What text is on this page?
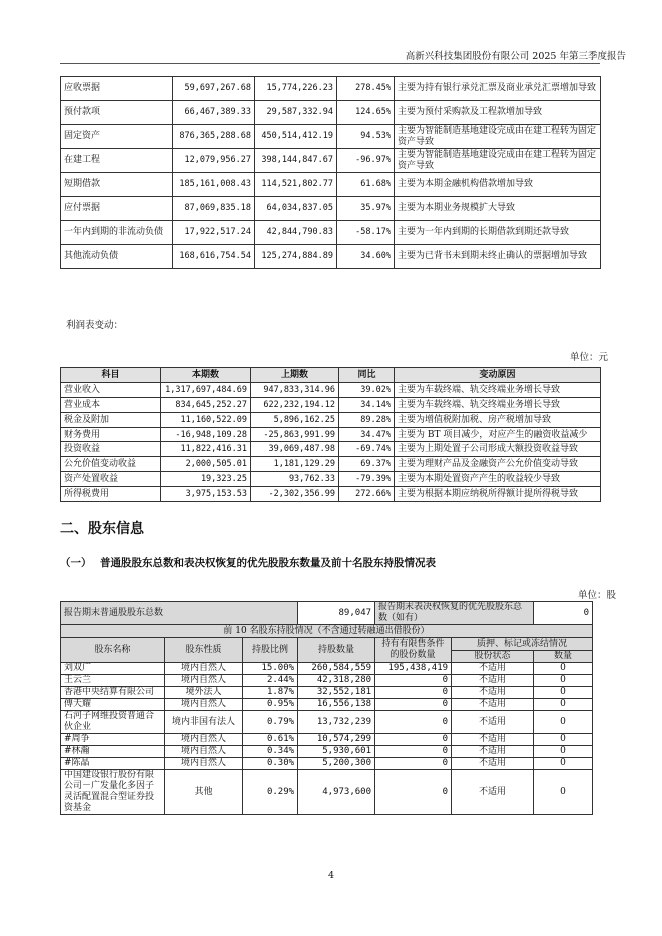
高新兴科技集团股份有限公司 2025 年第三季度报告
应收票据	59,697,267.68	15,774,226.23	278.45%	主要为持有银行承兑汇票及商业承兑汇票增加导致
预付款项	66,467,389.33	29,587,332.94	124.65%	主要为预付采购款及工程款增加导致
固定资产	876,365,288.68	450,514,412.19	94.53%	主要为智能制造基地建设完成由在建工程转为固定资产导致
在建工程	12,079,956.27	398,144,847.67	-96.97%	主要为智能制造基地建设完成由在建工程转为固定资产导致
短期借款	185,161,008.43	114,521,802.77	61.68%	主要为本期金融机构借款增加导致
应付票据	87,069,835.18	64,034,837.05	35.97%	主要为本期业务规模扩大导致
一年内到期的非流动负债	17,922,517.24	42,844,790.83	-58.17%	主要为一年内到期的长期借款到期还款导致
其他流动负债	168,616,754.54	125,274,884.89	34.60%	主要为已背书未到期未终止确认的票据增加导致
利润表变动：
单位：元
科目	本期数	上期数	同比	变动原因
营业收入	1,317,697,484.69	947,833,314.96	39.02%	主要为车载终端、轨交终端业务增长导致
营业成本	834,645,252.27	622,232,194.12	34.14%	主要为车载终端、轨交终端业务增长导致
税金及附加	11,160,522.09	5,896,162.25	89.28%	主要为增值税附加税、房产税增加导致
财务费用	-16,948,109.28	-25,863,991.99	34.47%	主要为 BT 项目减少，对应产生的融资收益减少
投资收益	11,822,416.31	39,069,487.98	-69.74%	主要为上期处置子公司形成大额投资收益导致
公允价值变动收益	2,000,505.01	1,181,129.29	69.37%	主要为理财产品及金融资产公允价值变动导致
资产处置收益	19,323.25	93,762.33	-79.39%	主要为本期处置资产产生的收益较少导致
所得税费用	3,975,153.53	-2,302,356.99	272.66%	主要为根据本期应纳税所得额计提所得税导致
二、股东信息
（一） 普通股股东总数和表决权恢复的优先股股东数量及前十名股东持股情况表
单位：股
报告期末普通股股东总数			89,047	报告期末表决权恢复的优先股股东总数（如有）		0
前 10 名股东持股情况（不含通过转融通出借股份）						
股东名称	股东性质	持股比例	持股数量	持有有限售条件的股份数量	质押、标记或冻结情况	
					股份状态	数量
刘双广	境内自然人	15.00%	260,584,559	195,438,419	不适用	0
王云兰	境内自然人	2.44%	42,318,280	0	不适用	0
香港中央结算有限公司	境外法人	1.87%	32,552,181	0	不适用	0
傅天耀	境内自然人	0.95%	16,556,138	0	不适用	0
石河子网维投资普通合伙企业	境内非国有法人	0.79%	13,732,239	0	不适用	0
#周争	境内自然人	0.61%	10,574,299	0	不适用	0
#林瀚	境内自然人	0.34%	5,930,601	0	不适用	0
#陈晶	境内自然人	0.30%	5,200,300	0	不适用	0
中国建设银行股份有限公司－广发量化多因子灵活配置混合型证券投资基金	其他	0.29%	4,973,600	0	不适用	0
4
